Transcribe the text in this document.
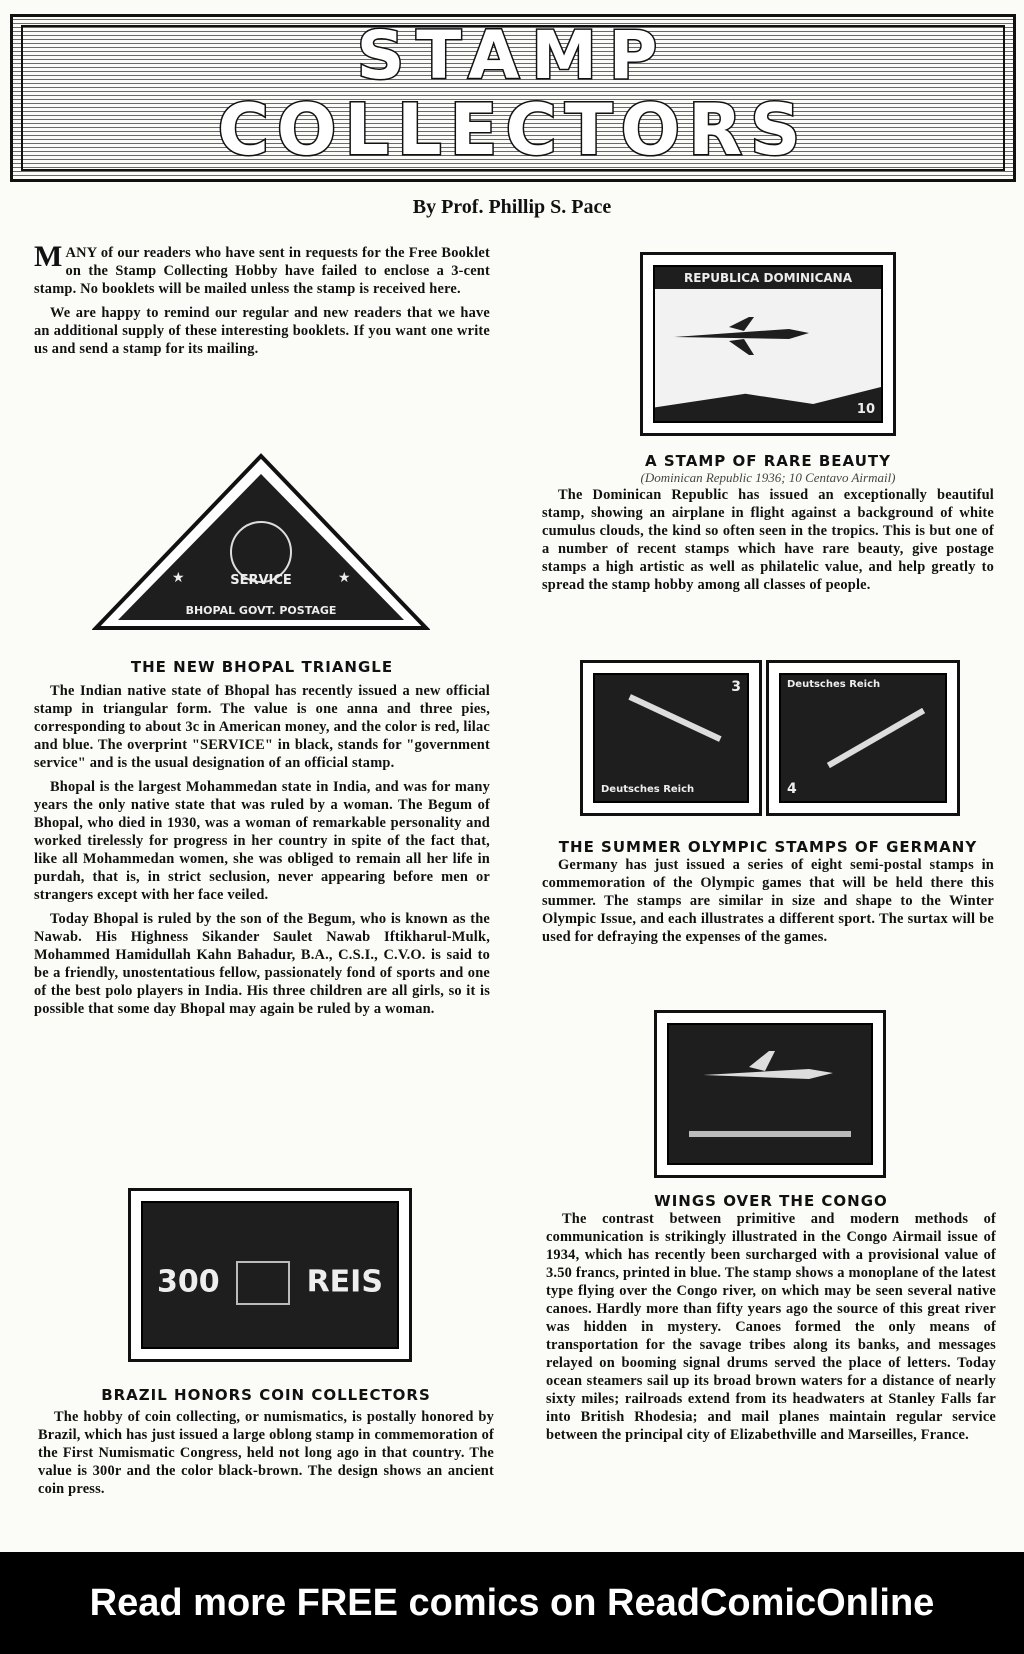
STAMP
COLLECTORS
By Prof. Phillip S. Pace

MANY of our readers who have sent in requests for the Free Booklet on the Stamp Collecting Hobby have failed to enclose a 3-cent stamp. No booklets will be mailed unless the stamp is received here.

We are happy to remind our regular and new readers that we have an additional supply of these interesting booklets. If you want one write us and send a stamp for its mailing.

★	★
SERVICE
BHOPAL GOVT. POSTAGE

THE NEW BHOPAL TRIANGLE

The Indian native state of Bhopal has recently issued a new official stamp in triangular form. The value is one anna and three pies, corresponding to about 3c in American money, and the color is red, lilac and blue. The overprint "SERVICE" in black, stands for "government service" and is the usual designation of an official stamp.

Bhopal is the largest Mohammedan state in India, and was for many years the only native state that was ruled by a woman. The Begum of Bhopal, who died in 1930, was a woman of remarkable personality and worked tirelessly for progress in her country in spite of the fact that, like all Mohammedan women, she was obliged to remain all her life in purdah, that is, in strict seclusion, never appearing before men or strangers except with her face veiled.

Today Bhopal is ruled by the son of the Begum, who is known as the Nawab. His Highness Sikander Saulet Nawab Iftikharul-Mulk, Mohammed Hamidullah Kahn Bahadur, B.A., C.S.I., C.V.O. is said to be a friendly, unostentatious fellow, passionately fond of sports and one of the best polo players in India. His three children are all girls, so it is possible that some day Bhopal may again be ruled by a woman.

300	REIS

BRAZIL HONORS COIN COLLECTORS

The hobby of coin collecting, or numismatics, is postally honored by Brazil, which has just issued a large oblong stamp in commemoration of the First Numismatic Congress, held not long ago in that country. The value is 300r and the color black-brown. The design shows an ancient coin press.

REPUBLICA DOMINICANA
10

A STAMP OF RARE BEAUTY

(Dominican Republic 1936; 10 Centavo Airmail)

The Dominican Republic has issued an exceptionally beautiful stamp, showing an airplane in flight against a background of white cumulus clouds, the kind so often seen in the tropics. This is but one of a number of recent stamps which have rare beauty, give postage stamps a high artistic as well as philatelic value, and help greatly to spread the stamp hobby among all classes of people.

Deutsches Reich
3	Deutsches Reich
4

THE SUMMER OLYMPIC STAMPS OF GERMANY

Germany has just issued a series of eight semi-postal stamps in commemoration of the Olympic games that will be held there this summer. The stamps are similar in size and shape to the Winter Olympic Issue, and each illustrates a different sport. The surtax will be used for defraying the expenses of the games.

WINGS OVER THE CONGO

The contrast between primitive and modern methods of communication is strikingly illustrated in the Congo Airmail issue of 1934, which has recently been surcharged with a provisional value of 3.50 francs, printed in blue. The stamp shows a monoplane of the latest type flying over the Congo river, on which may be seen several native canoes. Hardly more than fifty years ago the source of this great river was hidden in mystery. Canoes formed the only means of transportation for the savage tribes along its banks, and messages relayed on booming signal drums served the place of letters. Today ocean steamers sail up its broad brown waters for a distance of nearly sixty miles; railroads extend from its headwaters at Stanley Falls far into British Rhodesia; and mail planes maintain regular service between the principal city of Elizabethville and Marseilles, France.

Read more FREE comics on ReadComicOnline
